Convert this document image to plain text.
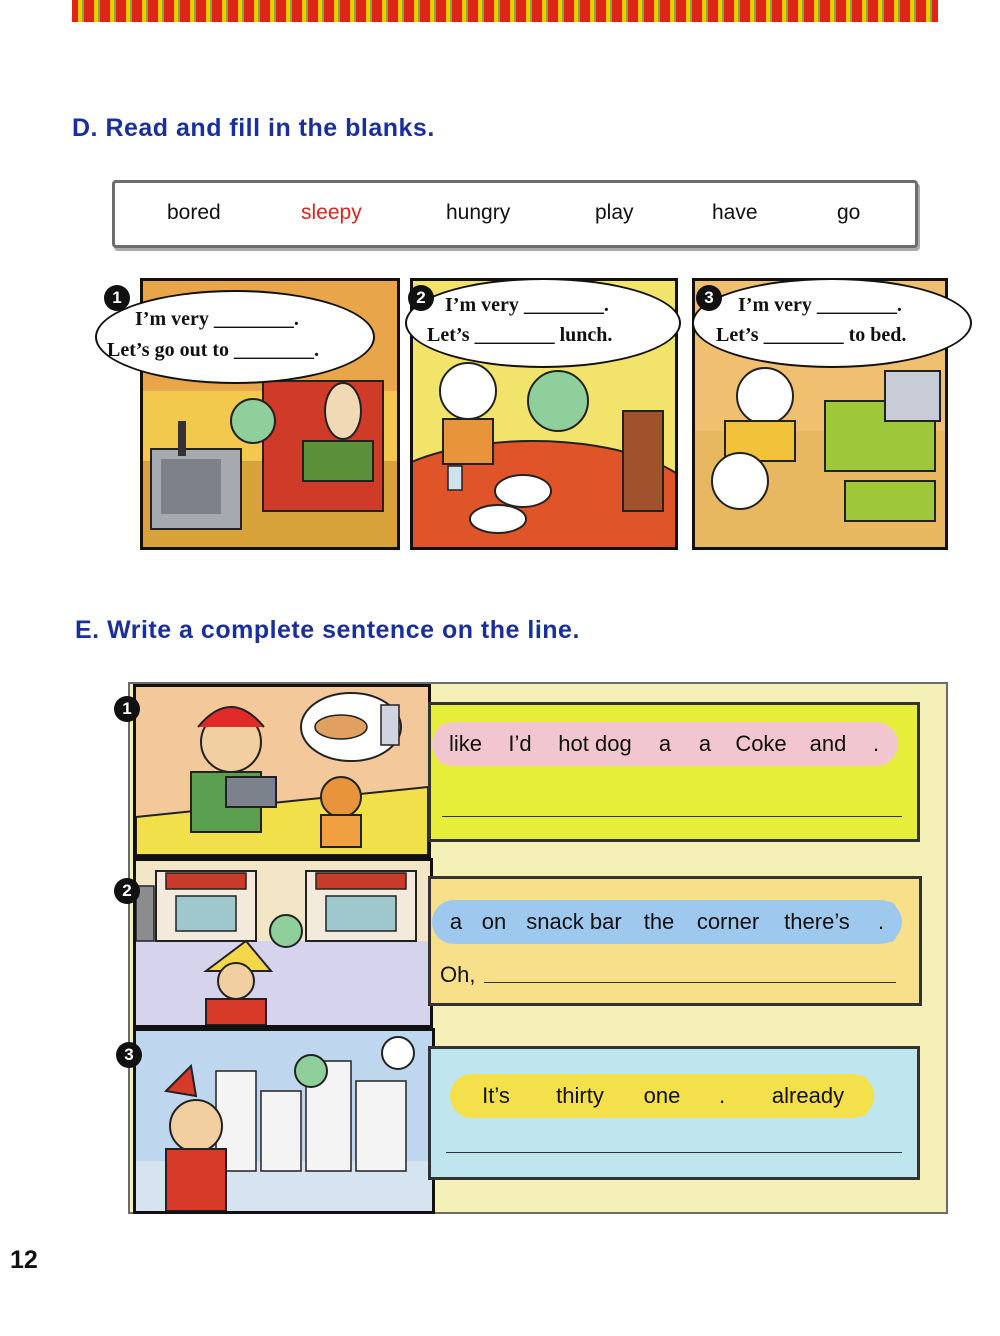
D. Read and fill in the blanks.
bored	sleepy	hungry	play	have	go
I’m very ________.
Let’s go out to ________.
1	I’m very ________.
Let’s ________ lunch.
2	I’m very ________.
Let’s ________ to bed.
3
E. Write a complete sentence on the line.
like	I’d	hot dog	a	a	Coke	and	.
1
a on snack bar	the	corner	there’s	.
Oh,
2
It’s	thirty	one	.	already
3
12
